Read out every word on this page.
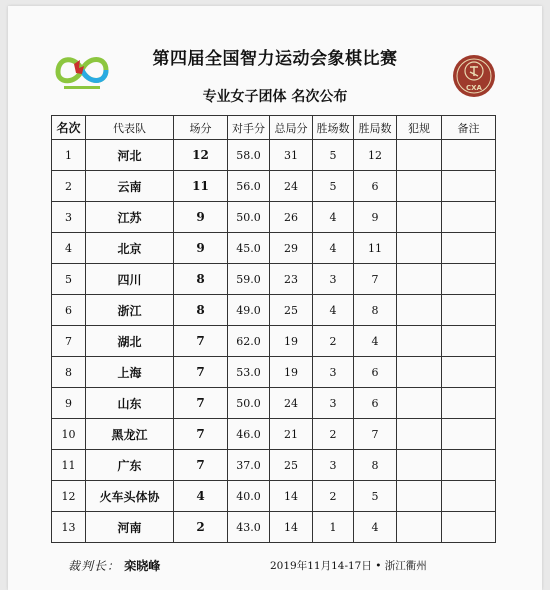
CXA
第四届全国智力运动会象棋比赛
专业女子团体 名次公布
名次	代表队	场分	对手分	总局分	胜场数	胜局数	犯规	备注
1	河北	12	58.0	31	5	12		
2	云南	11	56.0	24	5	6		
3	江苏	9	50.0	26	4	9		
4	北京	9	45.0	29	4	11		
5	四川	8	59.0	23	3	7		
6	浙江	8	49.0	25	4	8		
7	湖北	7	62.0	19	2	4		
8	上海	7	53.0	19	3	6		
9	山东	7	50.0	24	3	6		
10	黑龙江	7	46.0	21	2	7		
11	广东	7	37.0	25	3	8		
12	火车头体协	4	40.0	14	2	5		
13	河南	2	43.0	14	1	4		
裁判长： 栾晓峰	2019年11月14-17日 • 浙江衢州
